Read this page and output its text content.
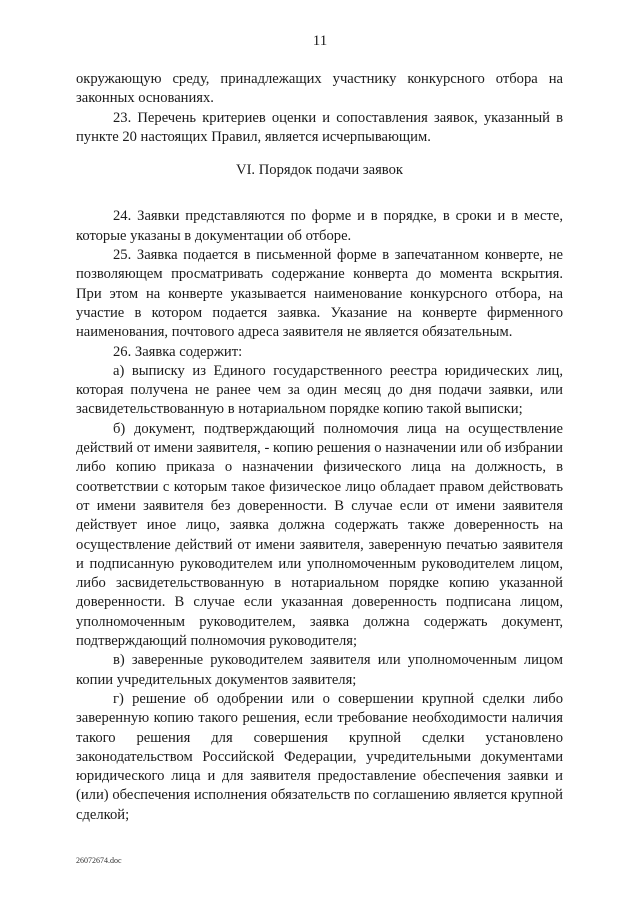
11

окружающую среду, принадлежащих участнику конкурсного отбора на законных основаниях.

23. Перечень критериев оценки и сопоставления заявок, указанный в пункте 20 настоящих Правил, является исчерпывающим.

VI. Порядок подачи заявок

24. Заявки представляются по форме и в порядке, в сроки и в месте, которые указаны в документации об отборе.

25. Заявка подается в письменной форме в запечатанном конверте, не позволяющем просматривать содержание конверта до момента вскрытия. При этом на конверте указывается наименование конкурсного отбора, на участие в котором подается заявка. Указание на конверте фирменного наименования, почтового адреса заявителя не является обязательным.

26. Заявка содержит:

а) выписку из Единого государственного реестра юридических лиц, которая получена не ранее чем за один месяц до дня подачи заявки, или засвидетельствованную в нотариальном порядке копию такой выписки;

б) документ, подтверждающий полномочия лица на осуществление действий от имени заявителя, - копию решения о назначении или об избрании либо копию приказа о назначении физического лица на должность, в соответствии с которым такое физическое лицо обладает правом действовать от имени заявителя без доверенности. В случае если от имени заявителя действует иное лицо, заявка должна содержать также доверенность на осуществление действий от имени заявителя, заверенную печатью заявителя и подписанную руководителем или уполномоченным руководителем лицом, либо засвидетельствованную в нотариальном порядке копию указанной доверенности. В случае если указанная доверенность подписана лицом, уполномоченным руководителем, заявка должна содержать документ, подтверждающий полномочия руководителя;

в) заверенные руководителем заявителя или уполномоченным лицом копии учредительных документов заявителя;

г) решение об одобрении или о совершении крупной сделки либо заверенную копию такого решения, если требование необходимости наличия такого решения для совершения крупной сделки установлено законодательством Российской Федерации, учредительными документами юридического лица и для заявителя предоставление обеспечения заявки и (или) обеспечения исполнения обязательств по соглашению является крупной сделкой;

26072674.doc
